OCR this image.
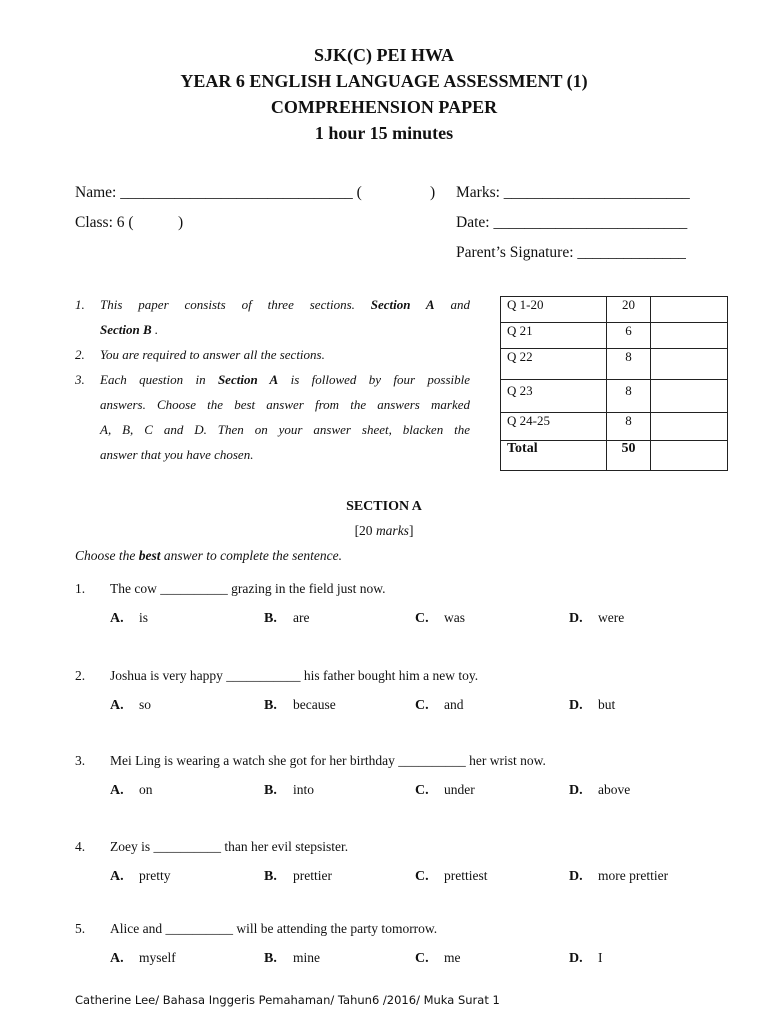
SJK(C) PEI HWA
YEAR 6 ENGLISH LANGUAGE ASSESSMENT (1)
COMPREHENSION PAPER
1 hour 15 minutes
Name: ______________________________ (	) Marks: ________________________
Class: 6 (	)	Date: _________________________
Parent’s Signature: ______________
1. This paper consists of three sections. Section A and
Section B .
2. You are required to answer all the sections.
3. Each question in Section A is followed by four possible
answers. Choose the best answer from the answers marked
A, B, C and D. Then on your answer sheet, blacken the
answer that you have chosen.
Q 1-20	20	
Q 21	6	
Q 22	8	
Q 23	8	
Q 24-25	8	
Total	50	
SECTION A
[20 marks]
Choose the best answer to complete the sentence.
1. The cow __________ grazing in the field just now.
A. is	B. are	C. was	D. were
2. Joshua is very happy ___________ his father bought him a new toy.
A. so	B. because	C. and	D. but
3. Mei Ling is wearing a watch she got for her birthday __________ her wrist now.
A. on	B. into	C. under	D. above
4. Zoey is __________ than her evil stepsister.
A. pretty	B. prettier	C. prettiest	D. more prettier
5. Alice and __________ will be attending the party tomorrow.
A. myself	B. mine	C. me	D. I
Catherine Lee/ Bahasa Inggeris Pemahaman/ Tahun6 /2016/ Muka Surat 1
